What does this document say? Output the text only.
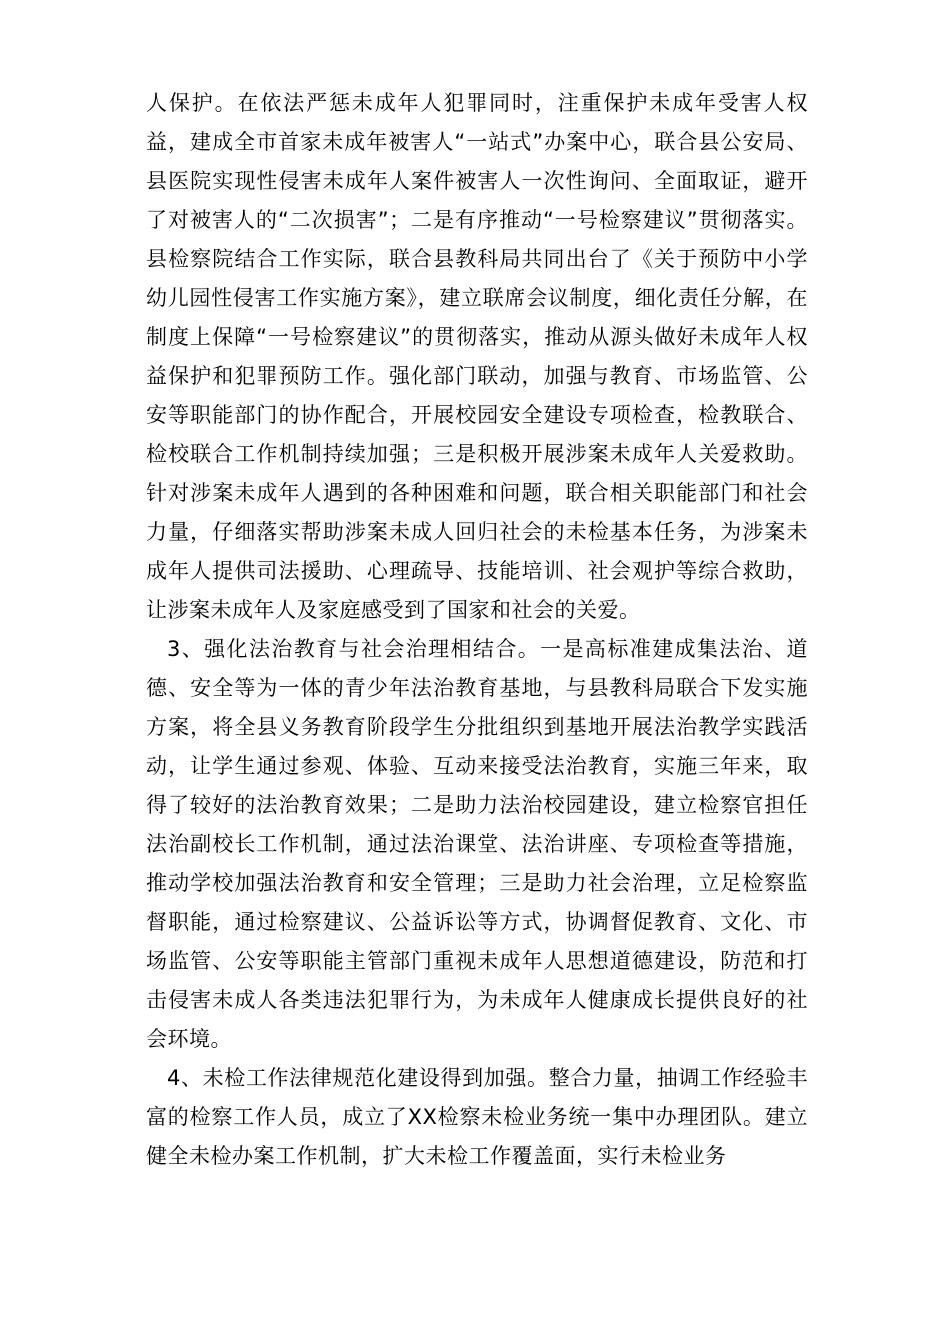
人保护。在依法严惩未成年人犯罪同时，注重保护未成年受害人权益，建成全市首家未成年被害人“一站式”办案中心，联合县公安局、县医院实现性侵害未成年人案件被害人一次性询问、全面取证，避开了对被害人的“二次损害”；二是有序推动“一号检察建议”贯彻落实。县检察院结合工作实际，联合县教科局共同出台了《关于预防中小学幼儿园性侵害工作实施方案》，建立联席会议制度，细化责任分解，在制度上保障“一号检察建议”的贯彻落实，推动从源头做好未成年人权益保护和犯罪预防工作。强化部门联动，加强与教育、市场监管、公安等职能部门的协作配合，开展校园安全建设专项检查，检教联合、检校联合工作机制持续加强；三是积极开展涉案未成年人关爱救助。针对涉案未成年人遇到的各种困难和问题，联合相关职能部门和社会力量，仔细落实帮助涉案未成人回归社会的未检基本任务，为涉案未成年人提供司法援助、心理疏导、技能培训、社会观护等综合救助，让涉案未成年人及家庭感受到了国家和社会的关爱。

3、强化法治教育与社会治理相结合。一是高标准建成集法治、道德、安全等为一体的青少年法治教育基地，与县教科局联合下发实施方案，将全县义务教育阶段学生分批组织到基地开展法治教学实践活动，让学生通过参观、体验、互动来接受法治教育，实施三年来，取得了较好的法治教育效果；二是助力法治校园建设，建立检察官担任法治副校长工作机制，通过法治课堂、法治讲座、专项检查等措施，推动学校加强法治教育和安全管理；三是助力社会治理，立足检察监督职能，通过检察建议、公益诉讼等方式，协调督促教育、文化、市场监管、公安等职能主管部门重视未成年人思想道德建设，防范和打击侵害未成人各类违法犯罪行为，为未成年人健康成长提供良好的社会环境。

4、未检工作法律规范化建设得到加强。整合力量，抽调工作经验丰富的检察工作人员，成立了XX检察未检业务统一集中办理团队。建立健全未检办案工作机制，扩大未检工作覆盖面，实行未检业务
